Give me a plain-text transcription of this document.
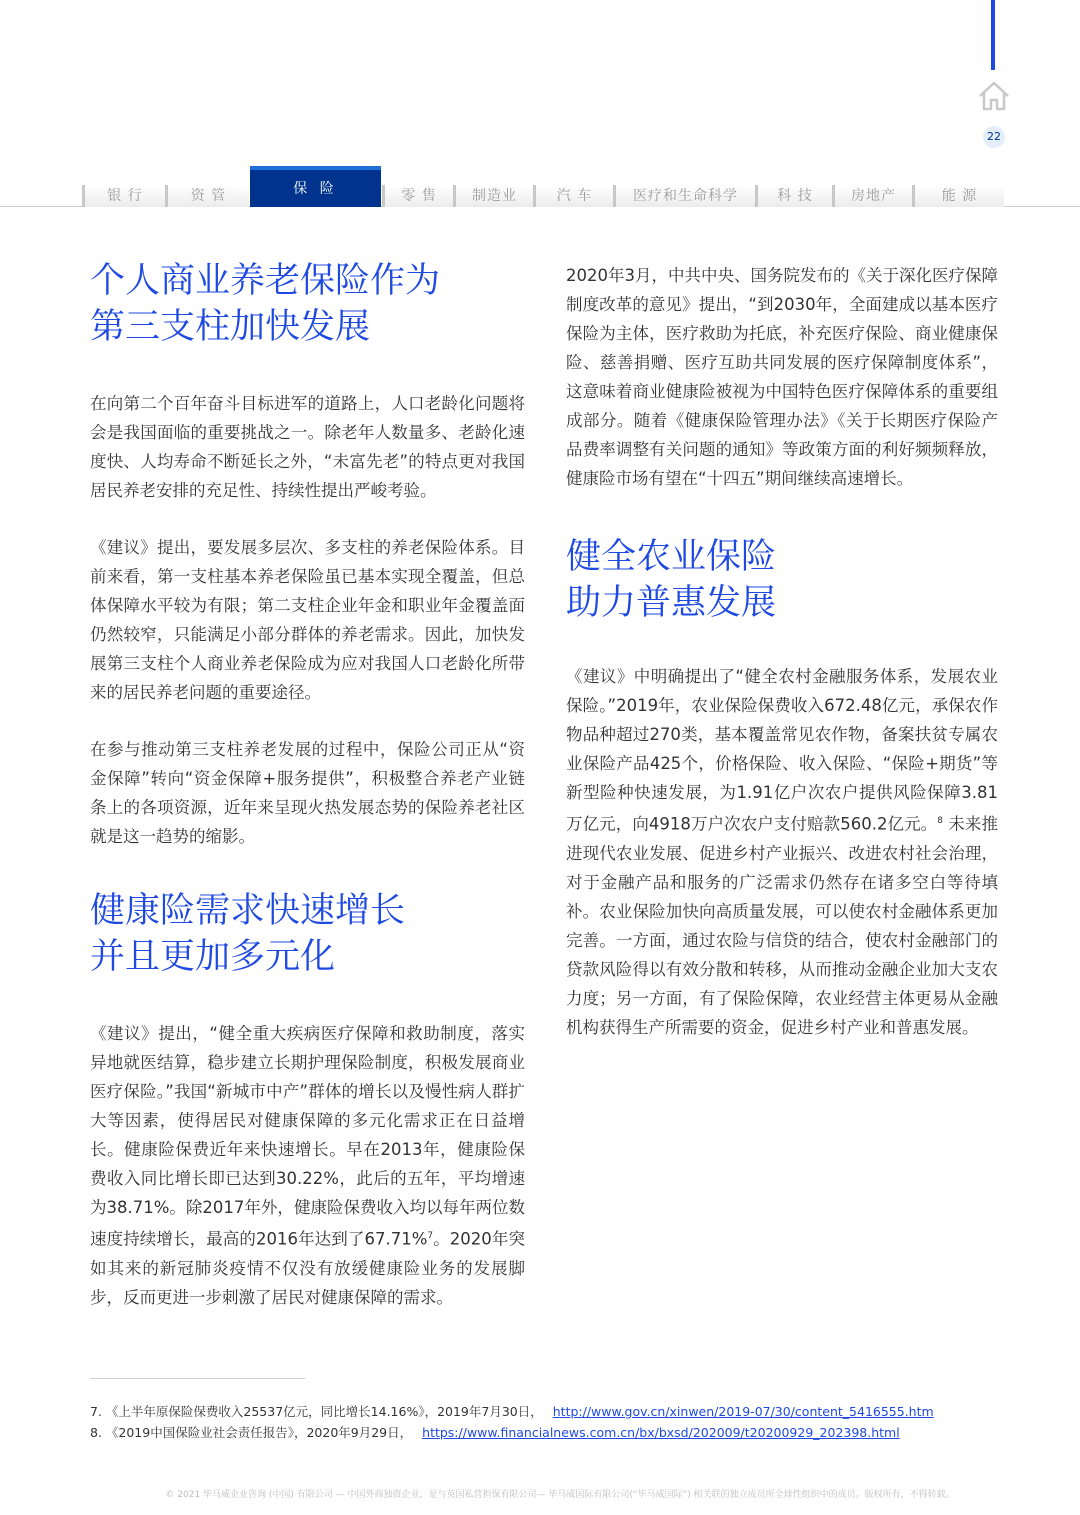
22
银 行	资 管	保 险	零 售	制造业	汽 车	医疗和生命科学	科 技	房地产	能 源
个人商业养老保险作为
第三支柱加快发展

在向第二个百年奋斗目标进军的道路上，人口老龄化问题将会是我国面临的重要挑战之一。除老年人数量多、老龄化速度快、人均寿命不断延长之外，“未富先老”的特点更对我国居民养老安排的充足性、持续性提出严峻考验。

《建议》提出，要发展多层次、多支柱的养老保险体系。目前来看，第一支柱基本养老保险虽已基本实现全覆盖，但总体保障水平较为有限；第二支柱企业年金和职业年金覆盖面仍然较窄，只能满足小部分群体的养老需求。因此，加快发展第三支柱个人商业养老保险成为应对我国人口老龄化所带来的居民养老问题的重要途径。

在参与推动第三支柱养老发展的过程中，保险公司正从“资金保障”转向“资金保障+服务提供”，积极整合养老产业链条上的各项资源，近年来呈现火热发展态势的保险养老社区就是这一趋势的缩影。

健康险需求快速增长
并且更加多元化

《建议》提出，“健全重大疾病医疗保障和救助制度，落实异地就医结算，稳步建立长期护理保险制度，积极发展商业医疗保险。”我国“新城市中产”群体的增长以及慢性病人群扩大等因素，使得居民对健康保障的多元化需求正在日益增长。健康险保费近年来快速增长。早在2013年，健康险保费收入同比增长即已达到30.22%，此后的五年，平均增速为38.71%。除2017年外，健康险保费收入均以每年两位数速度持续增长，最高的2016年达到了67.71%$^7$。2020年突如其来的新冠肺炎疫情不仅没有放缓健康险业务的发展脚步，反而更进一步刺激了居民对健康保障的需求。

2020年3月，中共中央、国务院发布的《关于深化医疗保障制度改革的意见》提出，“到2030年，全面建成以基本医疗保险为主体，医疗救助为托底，补充医疗保险、商业健康保险、慈善捐赠、医疗互助共同发展的医疗保障制度体系”，这意味着商业健康险被视为中国特色医疗保障体系的重要组成部分。随着《健康保险管理办法》《关于长期医疗保险产品费率调整有关问题的通知》等政策方面的利好频频释放，健康险市场有望在“十四五”期间继续高速增长。

健全农业保险
助力普惠发展

《建议》中明确提出了“健全农村金融服务体系，发展农业保险。”2019年，农业保险保费收入672.48亿元，承保农作物品种超过270类，基本覆盖常见农作物，备案扶贫专属农业保险产品425个，价格保险、收入保险、“保险+期货”等新型险种快速发展，为1.91亿户次农户提供风险保障3.81万亿元，向4918万户次农户支付赔款560.2亿元。$^8$ 未来推进现代农业发展、促进乡村产业振兴、改进农村社会治理，对于金融产品和服务的广泛需求仍然存在诸多空白等待填补。农业保险加快向高质量发展，可以使农村金融体系更加完善。一方面，通过农险与信贷的结合，使农村金融部门的贷款风险得以有效分散和转移，从而推动金融企业加大支农力度；另一方面，有了保险保障，农业经营主体更易从金融机构获得生产所需要的资金，促进乡村产业和普惠发展。

7. 《上半年原保险保费收入25537亿元，同比增长14.16%》，2019年7月30日， http://www.gov.cn/xinwen/2019-07/30/content_5416555.htm
8. 《2019中国保险业社会责任报告》，2020年9月29日， https://www.financialnews.com.cn/bx/bxsd/202009/t20200929_202398.html
© 2021 毕马威企业咨询 (中国) 有限公司 — 中国外商独资企业，是与英国私营担保有限公司— 毕马威国际有限公司(“毕马威国际”) 相关联的独立成员所全球性组织中的成员。版权所有，不得转载。
